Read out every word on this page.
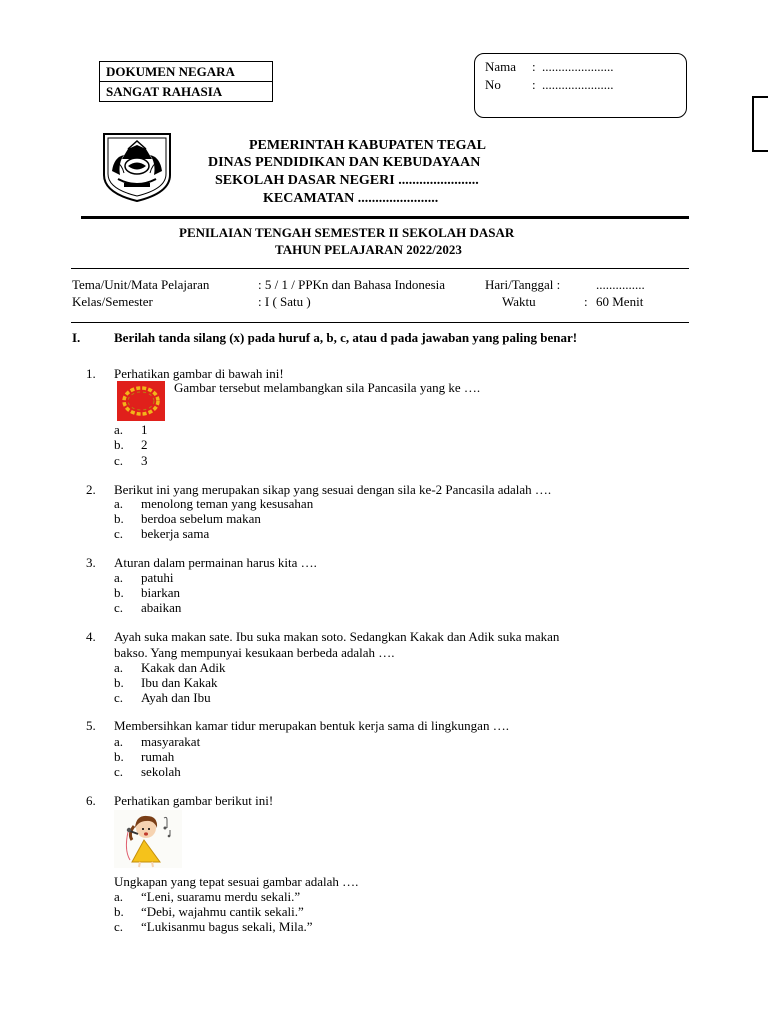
DOKUMEN NEGARA
SANGAT RAHASIA
Nama : ......................
No : ......................
PEMERINTAH KABUPATEN TEGAL
DINAS PENDIDIKAN DAN KEBUDAYAAN
SEKOLAH DASAR NEGERI .......................
KECAMATAN .......................
PENILAIAN TENGAH SEMESTER II SEKOLAH DASAR
TAHUN PELAJARAN 2022/2023
Tema/Unit/Mata Pelajaran	: 5 / 1 / PPKn dan Bahasa Indonesia	Hari/Tanggal :	...............
Kelas/Semester	: I ( Satu )	Waktu	: 60 Menit
I.	Berilah tanda silang (x) pada huruf a, b, c, atau d pada jawaban yang paling benar!
1. Perhatikan gambar di bawah ini!
Gambar tersebut melambangkan sila Pancasila yang ke ….
a. 1
b. 2
c. 3
2. Berikut ini yang merupakan sikap yang sesuai dengan sila ke-2 Pancasila adalah ….
a. menolong teman yang kesusahan
b. berdoa sebelum makan
c. bekerja sama
3. Aturan dalam permainan harus kita ….
a. patuhi
b. biarkan
c. abaikan
4. Ayah suka makan sate. Ibu suka makan soto. Sedangkan Kakak dan Adik suka makan
bakso. Yang mempunyai kesukaan berbeda adalah ….
a. Kakak dan Adik
b. Ibu dan Kakak
c. Ayah dan Ibu
5. Membersihkan kamar tidur merupakan bentuk kerja sama di lingkungan ….
a. masyarakat
b. rumah
c. sekolah
6. Perhatikan gambar berikut ini!
Ungkapan yang tepat sesuai gambar adalah ….
a. “Leni, suaramu merdu sekali.”
b. “Debi, wajahmu cantik sekali.”
c. “Lukisanmu bagus sekali, Mila.”
